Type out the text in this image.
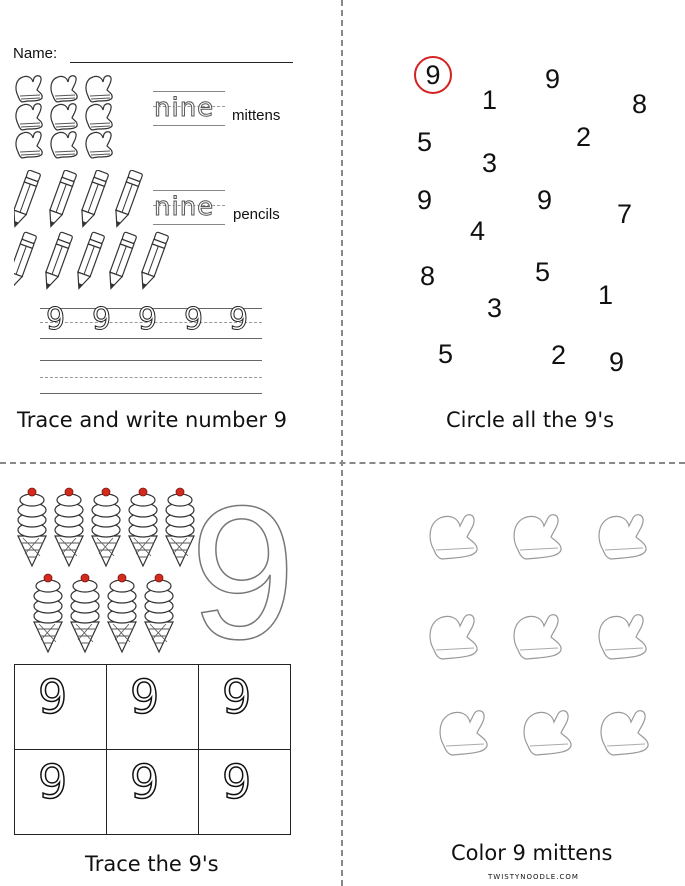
Name:
nine mittens
nine pencils
9 9 9 9 9
Trace and write number 9
9
1
9
8
5	2
3
9	9 7
4
8	5
1
3
5	2 9
Circle all the 9's
9
9 9 9
9 9 9
Trace the 9's	Color 9 mittens
TWISTYNOODLE.COM
